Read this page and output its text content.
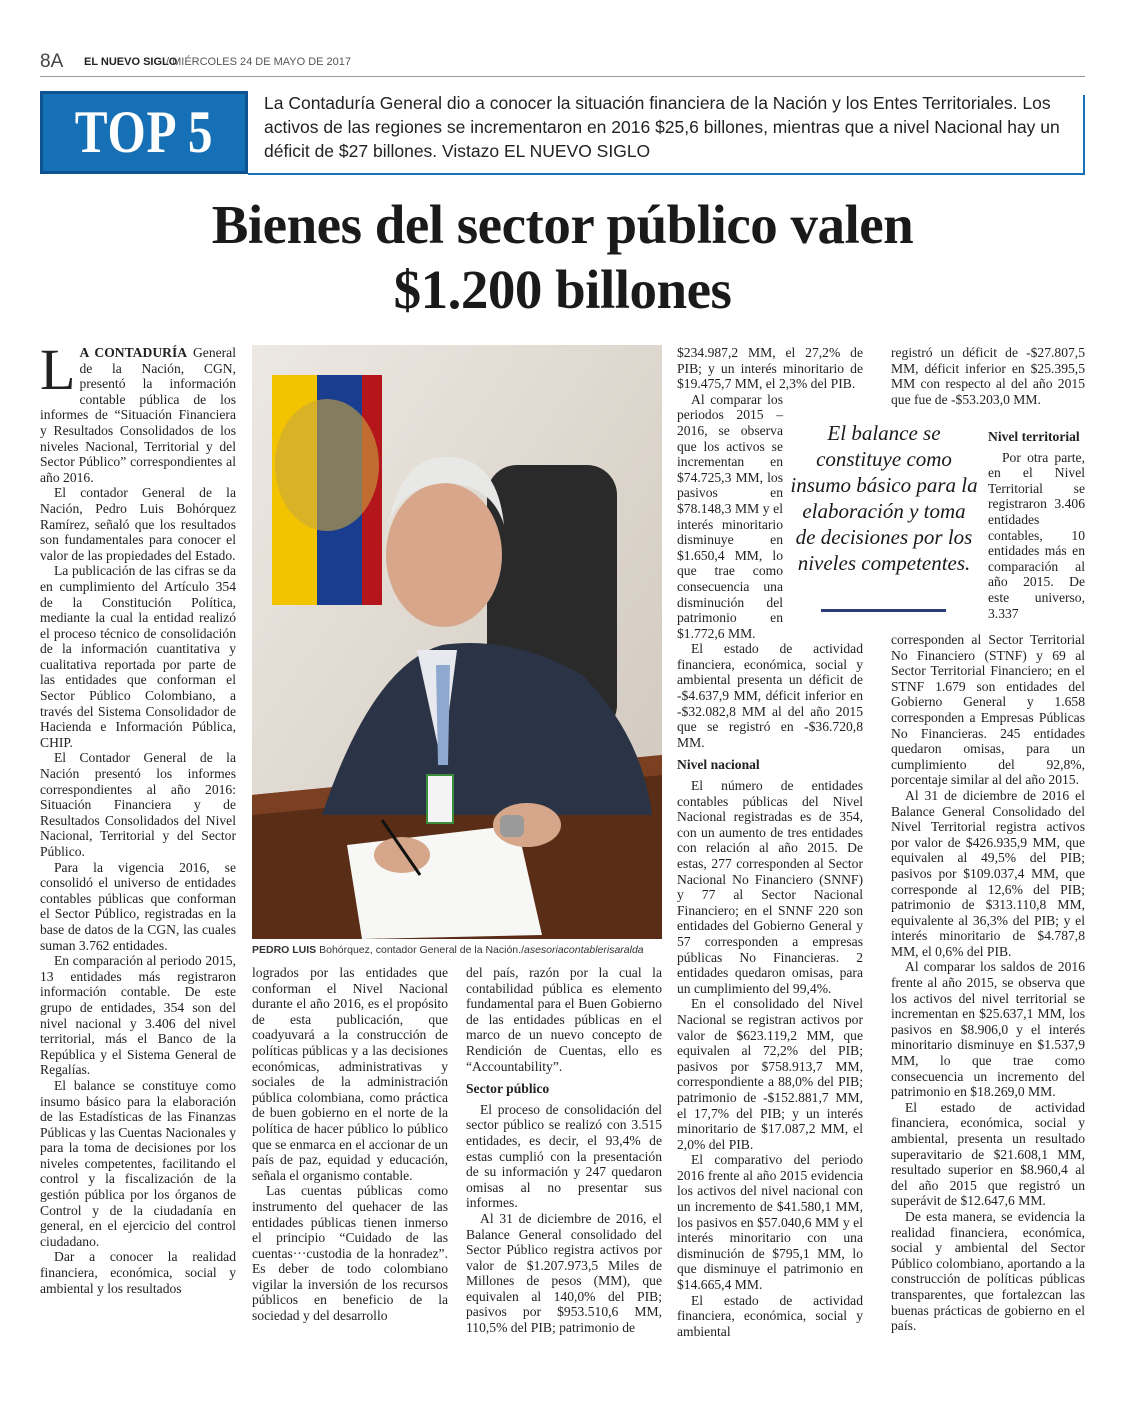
8A EL NUEVO SIGLO
/ MIÉRCOLES 24 DE MAYO DE 2017
TOP 5	La Contaduría General dio a conocer la situación financiera de la Nación y los Entes Territoriales. Los activos de las regiones se incrementaron en 2016 $25,6 billones, mientras que a nivel Nacional hay un déficit de $27 billones. Vistazo EL NUEVO SIGLO
Bienes del sector público valen
$1.200 billones

L A CONTADURÍA General de la Nación, CGN, presentó la información contable pública de los informes de “Situación Financiera y Resultados Consolidados de los niveles Nacional, Territorial y del Sector Público” correspondientes al año 2016.

El contador General de la Nación, Pedro Luis Bohórquez Ramírez, señaló que los resultados son fundamentales para conocer el valor de las propiedades del Estado.

La publicación de las cifras se da en cumplimiento del Artículo 354 de la Constitución Política, mediante la cual la entidad realizó el proceso técnico de consolidación de la información cuantitativa y cualitativa reportada por parte de las entidades que conforman el Sector Público Colombiano, a través del Sistema Consolidador de Hacienda e Información Pública, CHIP.

El Contador General de la Nación presentó los informes correspondientes al año 2016: Situación Financiera y de Resultados Consolidados del Nivel Nacional, Territorial y del Sector Público.

Para la vigencia 2016, se consolidó el universo de entidades contables públicas que conforman el Sector Público, registradas en la base de datos de la CGN, las cuales suman 3.762 entidades.

En comparación al periodo 2015, 13 entidades más registraron información contable. De este grupo de entidades, 354 son del nivel nacional y 3.406 del nivel territorial, más el Banco de la República y el Sistema General de Regalías.

El balance se constituye como insumo básico para la elaboración de las Estadísticas de las Finanzas Públicas y las Cuentas Nacionales y para la toma de decisiones por los niveles competentes, facilitando el control y la fiscalización de la gestión pública por los órganos de Control y de la ciudadanía en general, en el ejercicio del control ciudadano.

Dar a conocer la realidad financiera, económica, social y ambiental y los resultados

PEDRO LUIS Bohórquez, contador General de la Nación./asesoriacontablerisaralda

logrados por las entidades que conforman el Nivel Nacional durante el año 2016, es el propósito de esta publicación, que coadyuvará a la construcción de políticas públicas y a las decisiones económicas, administrativas y sociales de la administración pública colombiana, como práctica de buen gobierno en el norte de la política de hacer público lo público que se enmarca en el accionar de un país de paz, equidad y educación, señala el organismo contable.

Las cuentas públicas como instrumento del quehacer de las entidades públicas tienen inmerso el principio “Cuidado de las cuentas···custodia de la honradez”. Es deber de todo colombiano vigilar la inversión de los recursos públicos en beneficio de la sociedad y del desarrollo

del país, razón por la cual la contabilidad pública es elemento fundamental para el Buen Gobierno de las entidades públicas en el marco de un nuevo concepto de Rendición de Cuentas, ello es “Accountability”.

Sector público

El proceso de consolidación del sector público se realizó con 3.515 entidades, es decir, el 93,4% de estas cumplió con la presentación de su información y 247 quedaron omisas al no presentar sus informes.

Al 31 de diciembre de 2016, el Balance General consolidado del Sector Público registra activos por valor de $1.207.973,5 Miles de Millones de pesos (MM), que equivalen al 140,0% del PIB; pasivos por $953.510,6 MM, 110,5% del PIB; patrimonio de

$234.987,2 MM, el 27,2% de PIB; y un interés minoritario de $19.475,7 MM, el 2,3% del PIB.

Al comparar los periodos 2015 – 2016, se observa que los activos se incrementan en $74.725,3 MM, los pasivos en $78.148,3 MM y el interés minoritario disminuye en $1.650,4 MM, lo que trae como consecuencia una disminución del patrimonio en $1.772,6 MM.

El estado de actividad financiera, económica, social y ambiental presenta un déficit de -$4.637,9 MM, déficit inferior en -$32.082,8 MM al del año 2015 que se registró en -$36.720,8 MM.

Nivel nacional

El número de entidades contables públicas del Nivel Nacional registradas es de 354, con un aumento de tres entidades con relación al año 2015. De estas, 277 corresponden al Sector Nacional No Financiero (SNNF) y 77 al Sector Nacional Financiero; en el SNNF 220 son entidades del Gobierno General y 57 corresponden a empresas públicas No Financieras. 2 entidades quedaron omisas, para un cumplimiento del 99,4%.

En el consolidado del Nivel Nacional se registran activos por valor de $623.119,2 MM, que equivalen al 72,2% del PIB; pasivos por $758.913,7 MM, correspondiente a 88,0% del PIB; patrimonio de -$152.881,7 MM, el 17,7% del PIB; y un interés minoritario de $17.087,2 MM, el 2,0% del PIB.

El comparativo del periodo 2016 frente al año 2015 evidencia los activos del nivel nacional con un incremento de $41.580,1 MM, los pasivos en $57.040,6 MM y el interés minoritario con una disminución de $795,1 MM, lo que disminuye el patrimonio en $14.665,4 MM.

El estado de actividad financiera, económica, social y ambiental

El balance se constituye como insumo básico para la elaboración y toma de decisiones por los niveles competentes.

registró un déficit de -$27.807,5 MM, déficit inferior en $25.395,5 MM con respecto al del año 2015 que fue de -$53.203,0 MM.

Nivel territorial

Por otra parte, en el Nivel Territorial se registraron 3.406 entidades contables, 10 entidades más en comparación al año 2015. De este universo, 3.337

corresponden al Sector Territorial No Financiero (STNF) y 69 al Sector Territorial Financiero; en el STNF 1.679 son entidades del Gobierno General y 1.658 corresponden a Empresas Públicas No Financieras. 245 entidades quedaron omisas, para un cumplimiento del 92,8%, porcentaje similar al del año 2015.

Al 31 de diciembre de 2016 el Balance General Consolidado del Nivel Territorial registra activos por valor de $426.935,9 MM, que equivalen al 49,5% del PIB; pasivos por $109.037,4 MM, que corresponde al 12,6% del PIB; patrimonio de $313.110,8 MM, equivalente al 36,3% del PIB; y el interés minoritario de $4.787,8 MM, el 0,6% del PIB.

Al comparar los saldos de 2016 frente al año 2015, se observa que los activos del nivel territorial se incrementan en $25.637,1 MM, los pasivos en $8.906,0 y el interés minoritario disminuye en $1.537,9 MM, lo que trae como consecuencia un incremento del patrimonio en $18.269,0 MM.

El estado de actividad financiera, económica, social y ambiental, presenta un resultado superavitario de $21.608,1 MM, resultado superior en $8.960,4 al del año 2015 que registró un superávit de $12.647,6 MM.

De esta manera, se evidencia la realidad financiera, económica, social y ambiental del Sector Público colombiano, aportando a la construcción de políticas públicas transparentes, que fortalezcan las buenas prácticas de gobierno en el país.
